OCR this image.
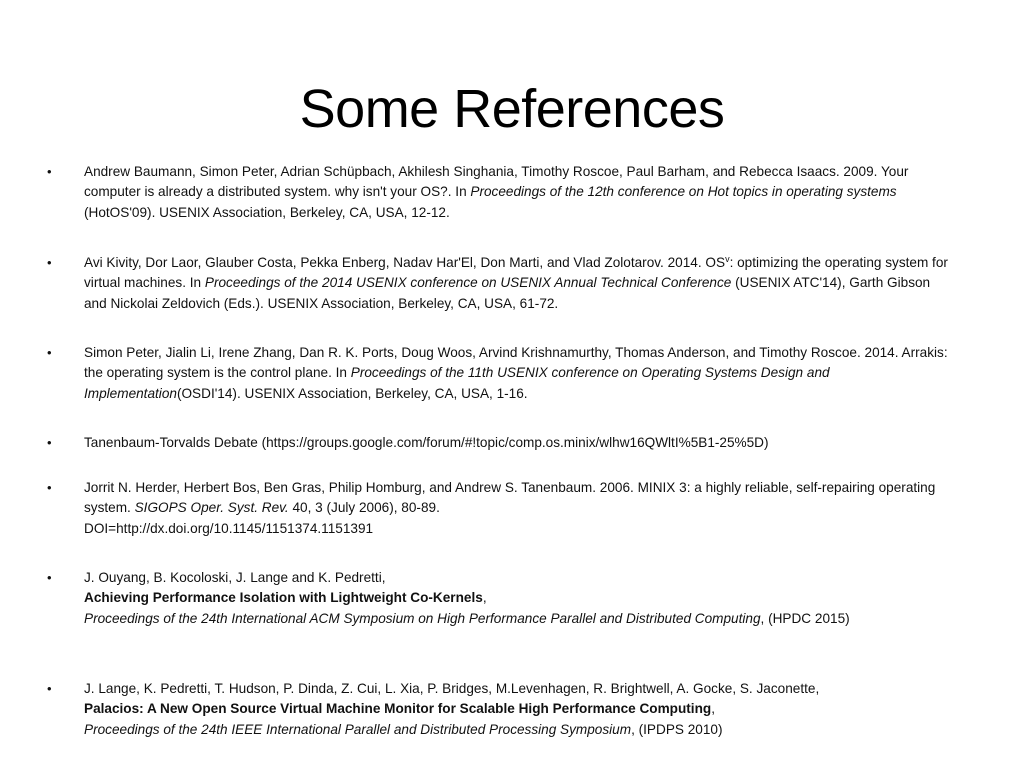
Some References
• Andrew Baumann, Simon Peter, Adrian Schüpbach, Akhilesh Singhania, Timothy Roscoe, Paul Barham, and Rebecca Isaacs. 2009. Your computer is already a distributed system. why isn't your OS?. In Proceedings of the 12th conference on Hot topics in operating systems (HotOS'09). USENIX Association, Berkeley, CA, USA, 12-12.
• Avi Kivity, Dor Laor, Glauber Costa, Pekka Enberg, Nadav Har'El, Don Marti, and Vlad Zolotarov. 2014. $OS^v$: optimizing the operating system for virtual machines. In Proceedings of the 2014 USENIX conference on USENIX Annual Technical Conference (USENIX ATC'14), Garth Gibson and Nickolai Zeldovich (Eds.). USENIX Association, Berkeley, CA, USA, 61-72.
• Simon Peter, Jialin Li, Irene Zhang, Dan R. K. Ports, Doug Woos, Arvind Krishnamurthy, Thomas Anderson, and Timothy Roscoe. 2014. Arrakis: the operating system is the control plane. In Proceedings of the 11th USENIX conference on Operating Systems Design and Implementation(OSDI'14). USENIX Association, Berkeley, CA, USA, 1-16.
• Tanenbaum-Torvalds Debate (https://groups.google.com/forum/#!topic/comp.os.minix/wlhw16QWltI%5B1-25%5D)
• Jorrit N. Herder, Herbert Bos, Ben Gras, Philip Homburg, and Andrew S. Tanenbaum. 2006. MINIX 3: a highly reliable, self-repairing operating system. SIGOPS Oper. Syst. Rev. 40, 3 (July 2006), 80-89.
DOI=http://dx.doi.org/10.1145/1151374.1151391
• J. Ouyang, B. Kocoloski, J. Lange and K. Pedretti,
Achieving Performance Isolation with Lightweight Co-Kernels,
Proceedings of the 24th International ACM Symposium on High Performance Parallel and Distributed Computing, (HPDC 2015)
• J. Lange, K. Pedretti, T. Hudson, P. Dinda, Z. Cui, L. Xia, P. Bridges, M.Levenhagen, R. Brightwell, A. Gocke, S. Jaconette,
Palacios: A New Open Source Virtual Machine Monitor for Scalable High Performance Computing,
Proceedings of the 24th IEEE International Parallel and Distributed Processing Symposium, (IPDPS 2010)
